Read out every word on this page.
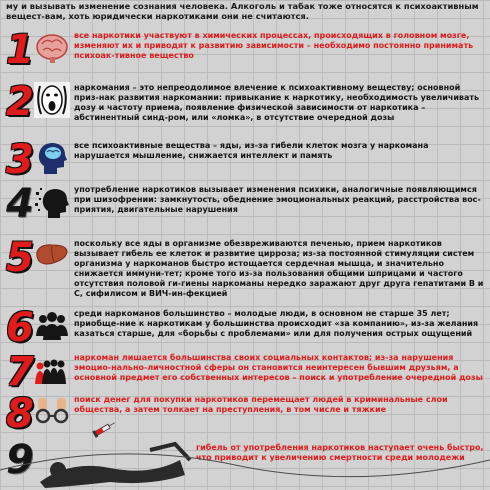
му и вызывать изменение сознания человека. Алкоголь и табак тоже относятся к психоактивным вещест-вам, хоть юридически наркотиками они не считаются.
1	все наркотики участвуют в химических процессах, происходящих в головном мозге, изменяют их и приводят к развитию зависимости – необходимо постоянно принимать психоак-тивное вещество
2	наркомания – это непреодолимое влечение к психоактивному веществу; основной приз-нак развития наркомании: привыкание к наркотику, необходимость увеличивать дозу и частоту приема, появление физической зависимости от наркотика – абстинентный синд-ром, или «ломка», в отсутствие очередной дозы
3	все психоактивные вещества – яды, из-за гибели клеток мозга у наркомана нарушается мышление, снижается интеллект и память
4	употребление наркотиков вызывает изменения психики, аналогичные появляющимся при шизофрении: замкнутость, обеднение эмоциональных реакций, расстройства вос-приятия, двигательные нарушения
5	поскольку все яды в организме обезвреживаются печенью, прием наркотиков вызывает гибель ее клеток и развитие цирроза; из-за постоянной стимуляции систем организма у наркоманов быстро истощается сердечная мышца, и значительно снижается иммуни-тет; кроме того из-за пользования общими шприцами и частого отсутствия половой ги-гиены наркоманы нередко заражают друг друга гепатитами В и С, сифилисом и ВИЧ-ин-фекцией
6	среди наркоманов большинство – молодые люди, в основном не старше 35 лет; приобще-ние к наркотикам у большинства происходит «за компанию», из-за желания казаться старше, для «борьбы с проблемами» или для получения острых ощущений
7	наркоман лишается большинства своих социальных контактов; из-за нарушения эмоцио-нально-личностной сферы он становится неинтересен бывшим друзьям, а основной предмет его собственных интересов – поиск и употребление очередной дозы
8	поиск денег для покупки наркотиков перемещает людей в криминальные слои общества, а затем толкает на преступления, в том числе и тяжкие
9	гибель от употребления наркотиков наступает очень быстро, что приводит к увеличению смертности среди молодежи
